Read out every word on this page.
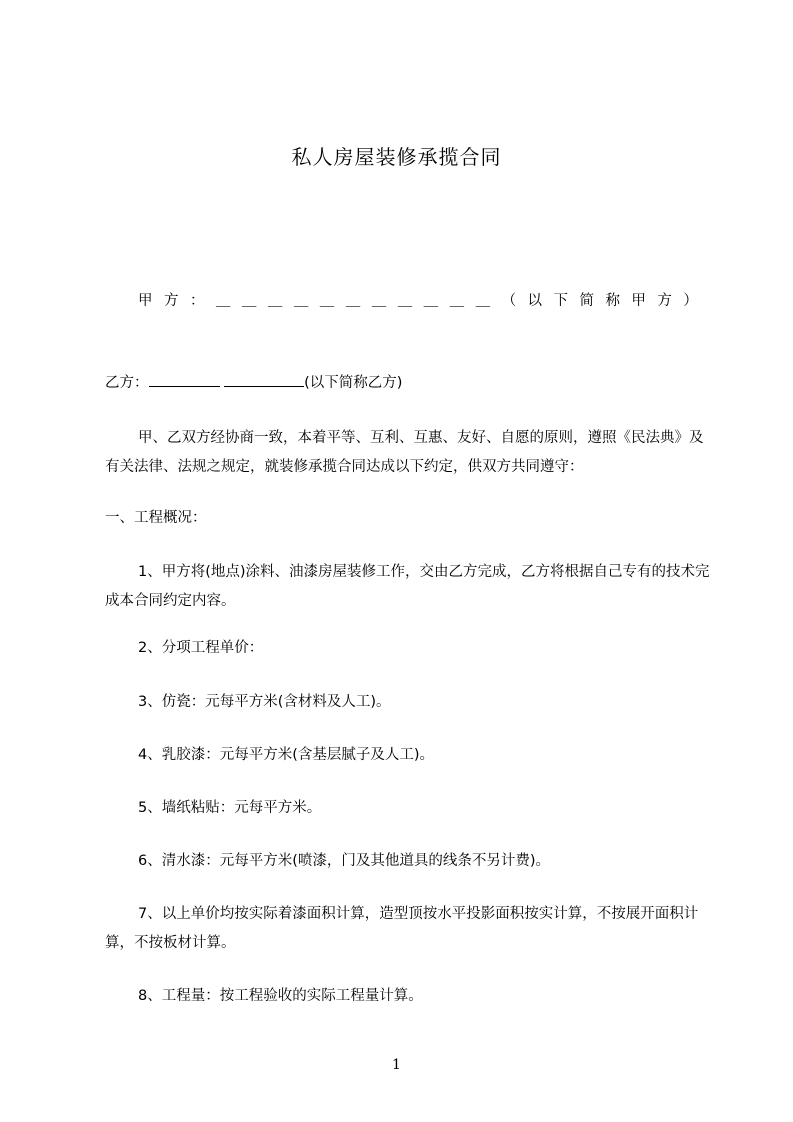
私人房屋装修承揽合同
甲 方 ： ＿ ＿ ＿ ＿ ＿ ＿ ＿ ＿ ＿ ＿ ＿ （ 以 下 简 称 甲 方 ）
乙方：	(以下简称乙方)
甲、乙双方经协商一致，本着平等、互利、互惠、友好、自愿的原则，遵照《民法典》及有关法律、法规之规定，就装修承揽合同达成以下约定，供双方共同遵守：
一、工程概况：
1、甲方将(地点)涂料、油漆房屋装修工作，交由乙方完成，乙方将根据自己专有的技术完成本合同约定内容。
2、分项工程单价：
3、仿瓷：元每平方米(含材料及人工)。
4、乳胶漆：元每平方米(含基层腻子及人工)。
5、墙纸粘贴：元每平方米。
6、清水漆：元每平方米(喷漆，门及其他道具的线条不另计费)。
7、以上单价均按实际着漆面积计算，造型顶按水平投影面积按实计算，不按展开面积计算，不按板材计算。
8、工程量：按工程验收的实际工程量计算。
1
